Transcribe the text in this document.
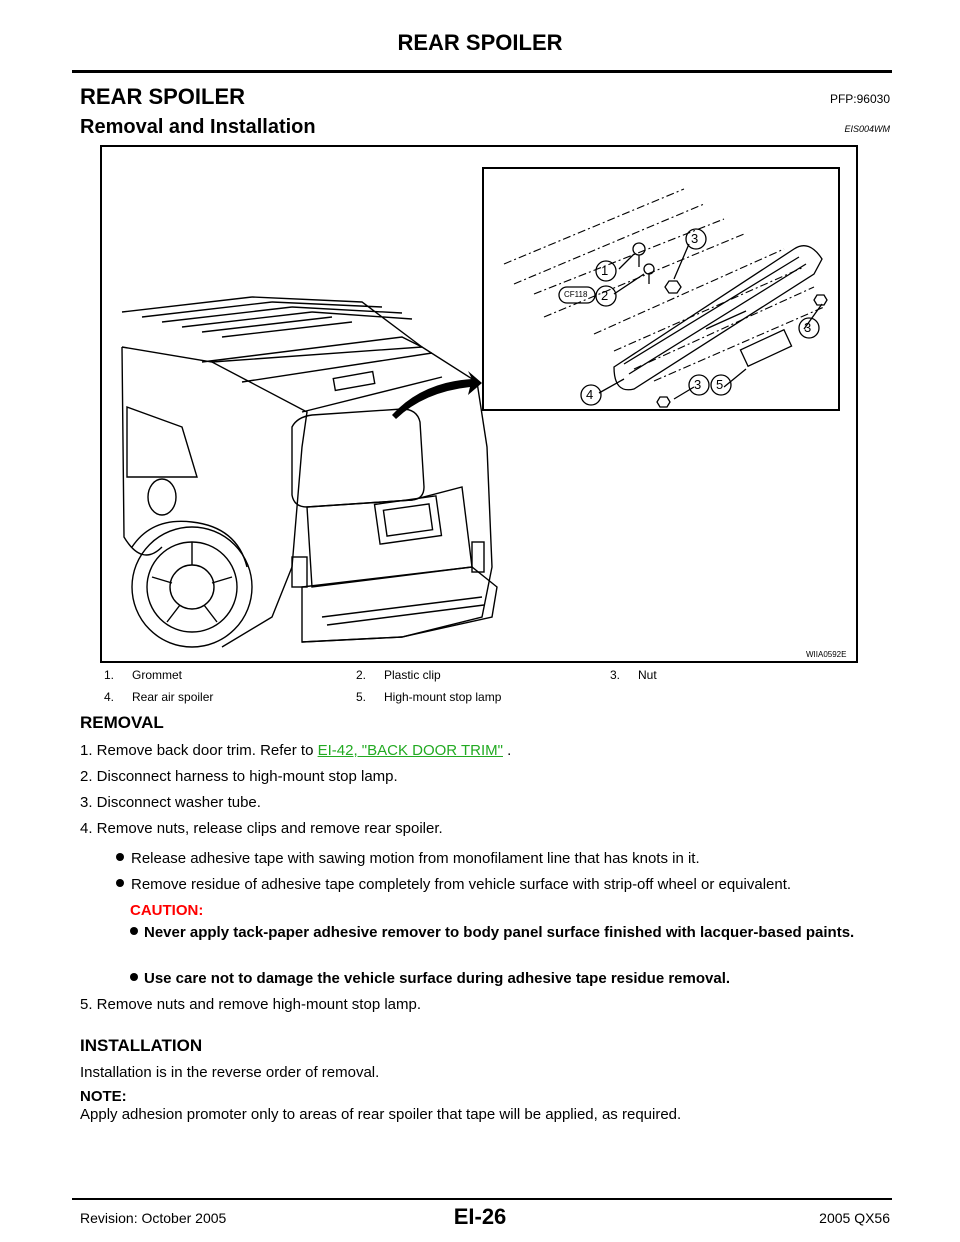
REAR SPOILER
REAR SPOILER	PFP:96030
Removal and Installation	EIS004WM
1
2
3
3
3
4
5
CF118
WIIA0592E
1. Grommet	2. Plastic clip	3. Nut
4. Rear air spoiler	5. High-mount stop lamp
REMOVAL
1. Remove back door trim. Refer to EI-42, "BACK DOOR TRIM" .
2. Disconnect harness to high-mount stop lamp.
3. Disconnect washer tube.
4. Remove nuts, release clips and remove rear spoiler.
Release adhesive tape with sawing motion from monofilament line that has knots in it.
Remove residue of adhesive tape completely from vehicle surface with strip-off wheel or equivalent.
CAUTION:
Never apply tack-paper adhesive remover to body panel surface finished with lacquer-based paints.
Use care not to damage the vehicle surface during adhesive tape residue removal.
5. Remove nuts and remove high-mount stop lamp.
INSTALLATION
Installation is in the reverse order of removal.
NOTE:
Apply adhesion promoter only to areas of rear spoiler that tape will be applied, as required.
Revision: October 2005	EI-26	2005 QX56
